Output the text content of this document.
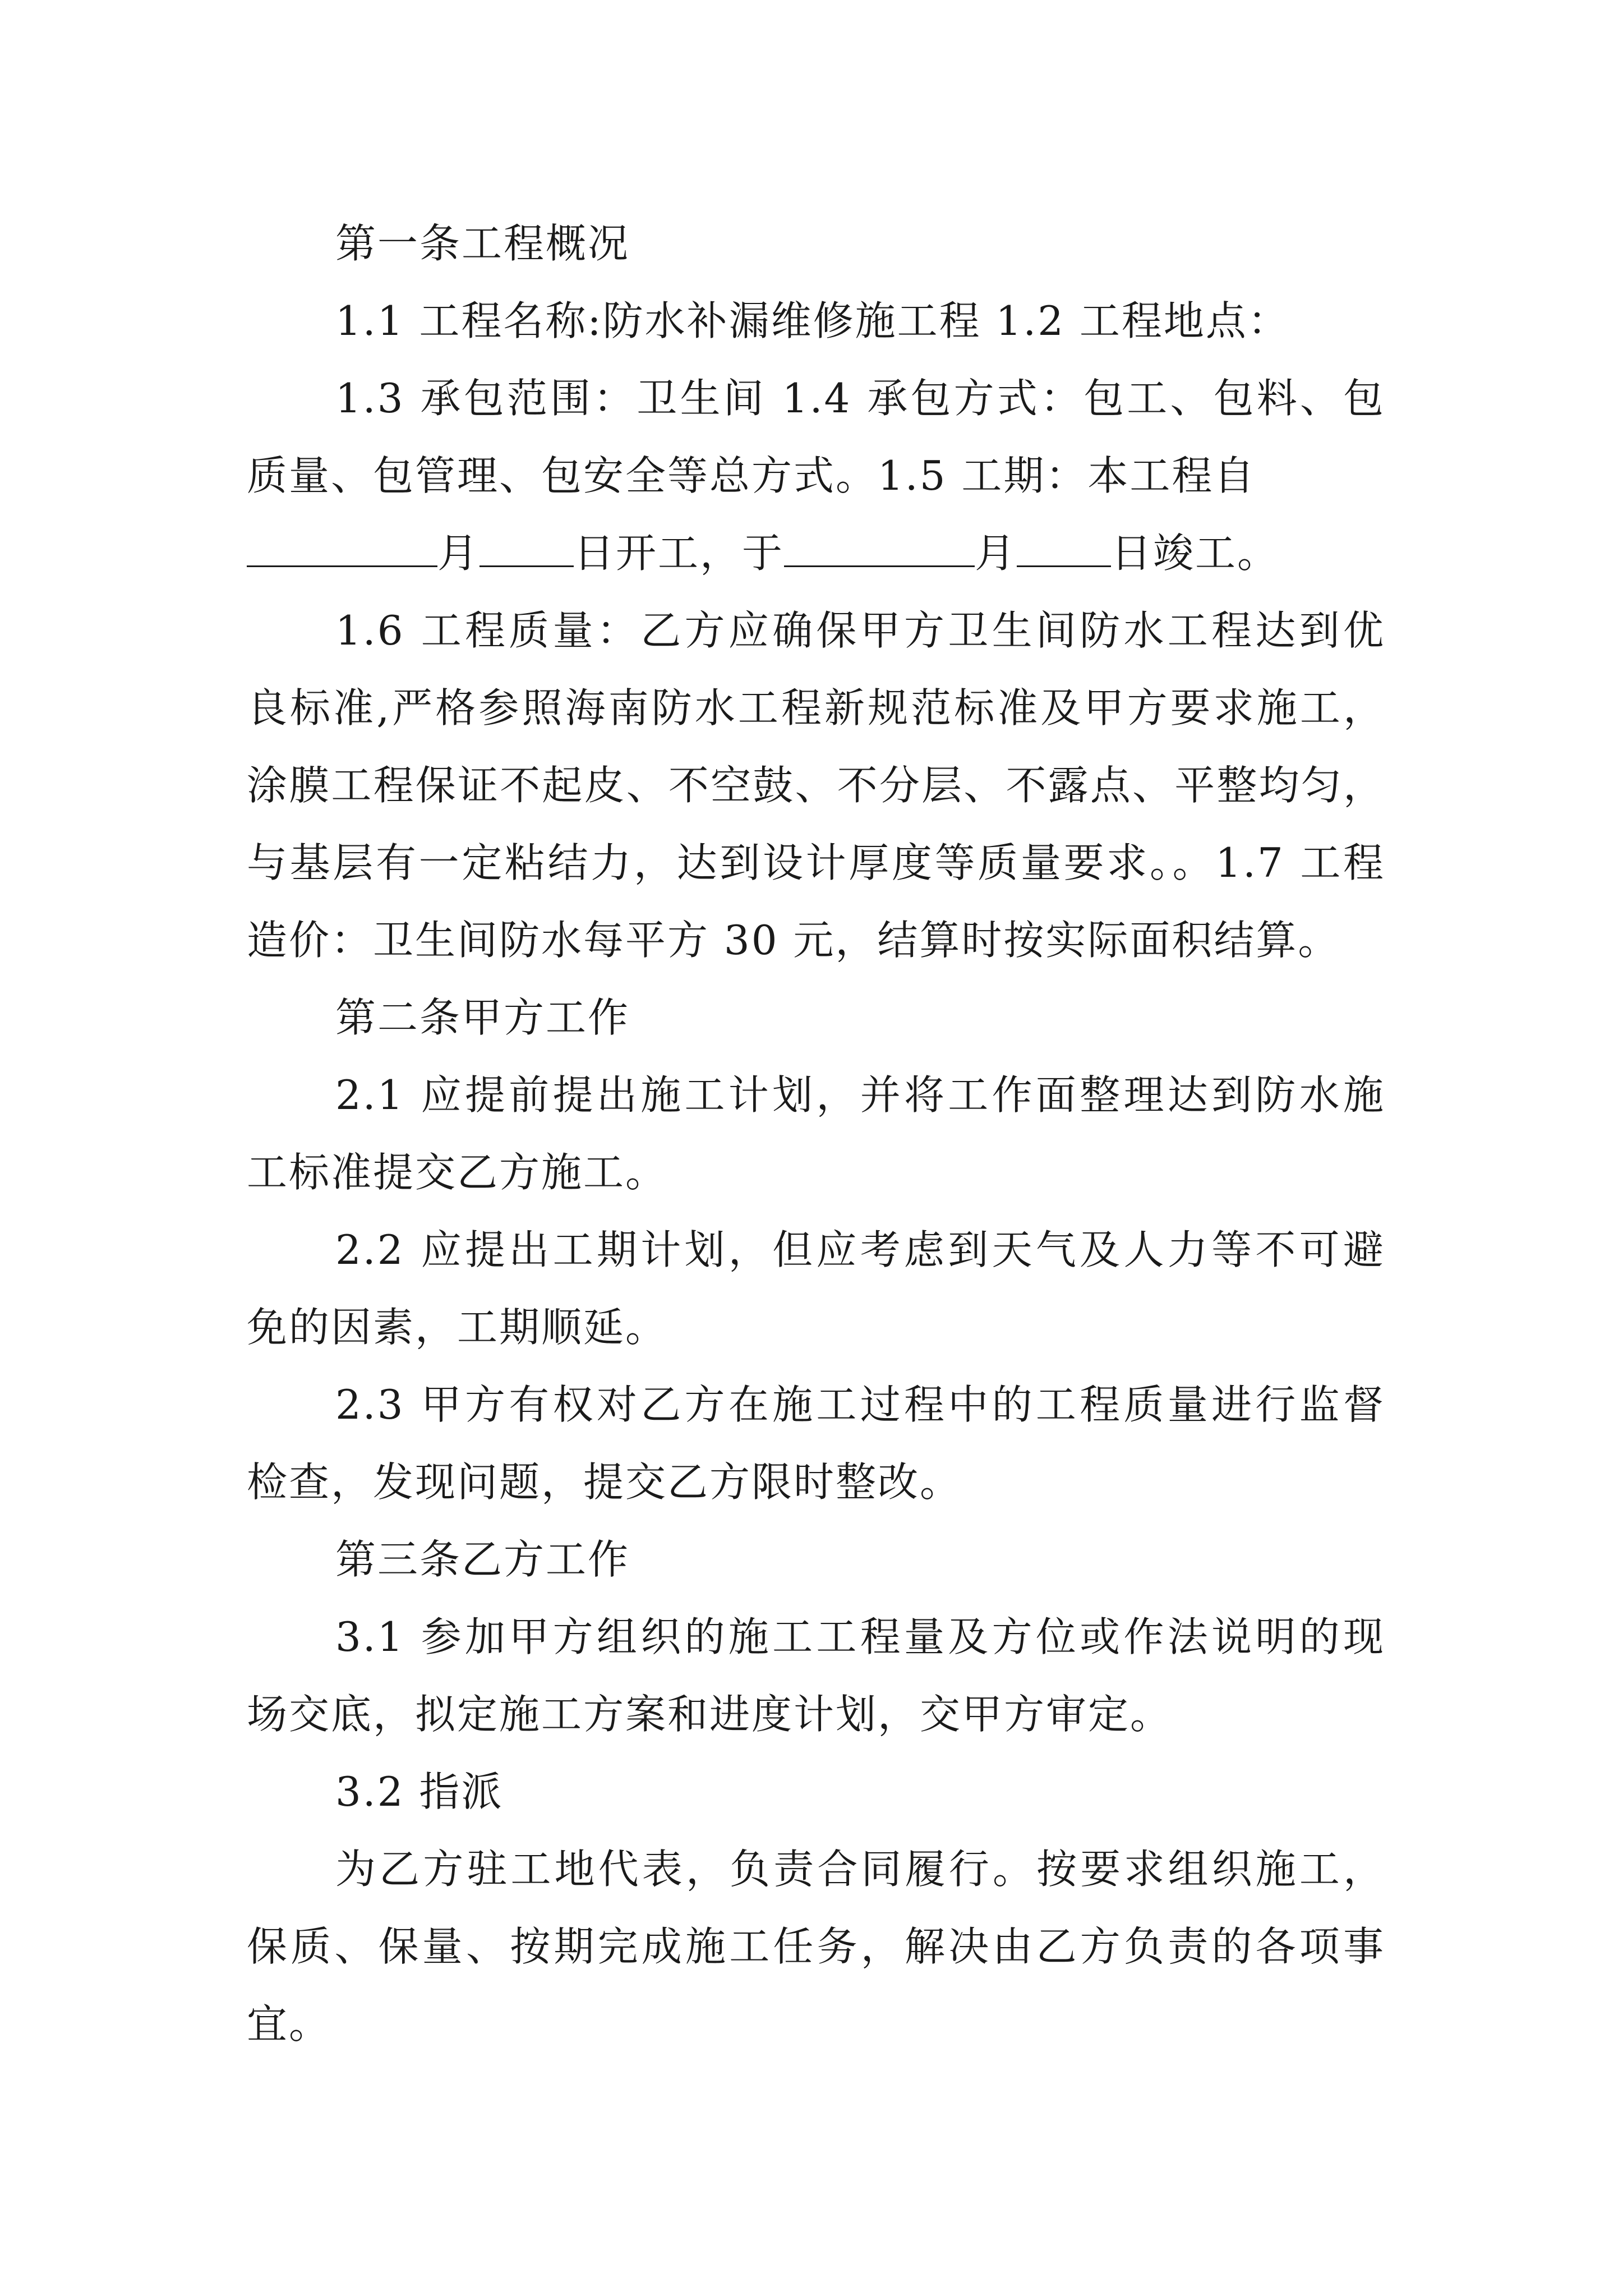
第一条工程概况

1.1 工程名称:防水补漏维修施工程 1.2 工程地点：

1.3 承包范围：卫生间 1.4 承包方式：包工、包料、包质量、包管理、包安全等总方式。1.5 工期：本工程自

月 日开工，于	月 日竣工。

1.6 工程质量：乙方应确保甲方卫生间防水工程达到优良标准,严格参照海南防水工程新规范标准及甲方要求施工，涂膜工程保证不起皮、不空鼓、不分层、不露点、平整均匀，与基层有一定粘结力，达到设计厚度等质量要求。。1.7 工程造价：卫生间防水每平方 30 元，结算时按实际面积结算。

第二条甲方工作

2.1 应提前提出施工计划，并将工作面整理达到防水施工标准提交乙方施工。

2.2 应提出工期计划，但应考虑到天气及人力等不可避免的因素，工期顺延。

2.3 甲方有权对乙方在施工过程中的工程质量进行监督检查，发现问题，提交乙方限时整改。

第三条乙方工作

3.1 参加甲方组织的施工工程量及方位或作法说明的现场交底，拟定施工方案和进度计划，交甲方审定。

3.2 指派

为乙方驻工地代表，负责合同履行。按要求组织施工，保质、保量、按期完成施工任务，解决由乙方负责的各项事宜。
